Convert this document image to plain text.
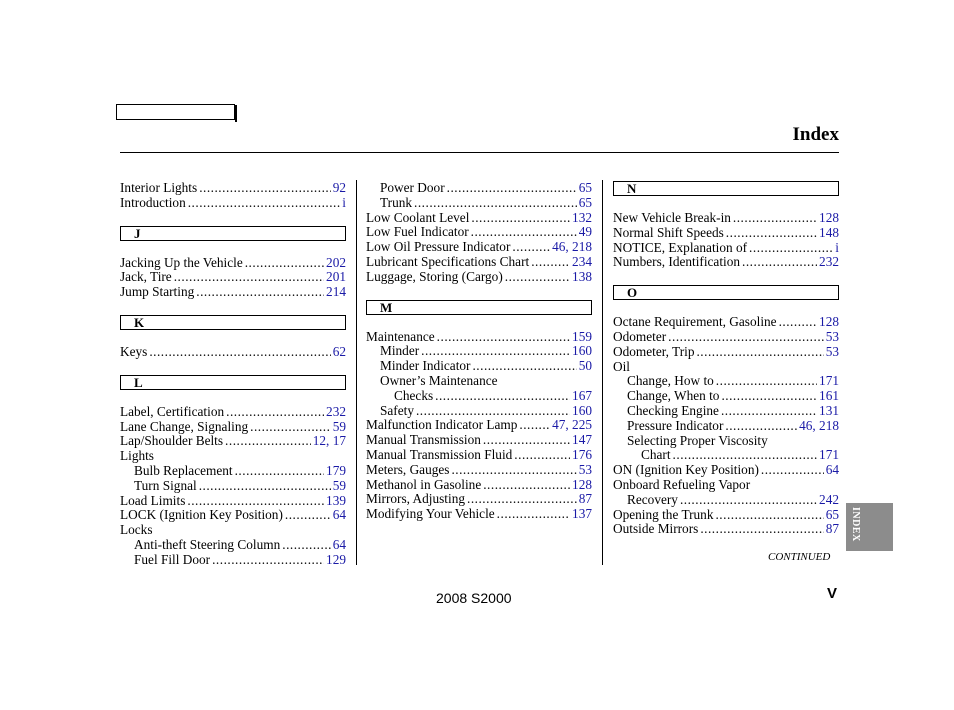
Index
Interior Lights .....	92
Introduction .....	i
J
Jacking Up the Vehicle .....	202
Jack, Tire .....	201
Jump Starting .....	214
K
Keys .....	62
L
Label, Certification .....	232
Lane Change, Signaling .....	59
Lap/Shoulder Belts .....	12, 17
Lights
Bulb Replacement .....	179
Turn Signal .....	59
Load Limits .....	139
LOCK (Ignition Key Position) .....	64
Locks
Anti-theft Steering Column .....	64
Fuel Fill Door .....	129
Power Door .....	65
Trunk .....	65
Low Coolant Level .....	132
Low Fuel Indicator .....	49
Low Oil Pressure Indicator .....	46, 218
Lubricant Specifications Chart .....	234
Luggage, Storing (Cargo) .....	138
M
Maintenance .....	159
Minder .....	160
Minder Indicator .....	50
Owner’s Maintenance
Checks .....	167
Safety .....	160
Malfunction Indicator Lamp .....	47, 225
Manual Transmission .....	147
Manual Transmission Fluid .....	176
Meters, Gauges .....	53
Methanol in Gasoline .....	128
Mirrors, Adjusting .....	87
Modifying Your Vehicle .....	137
N
New Vehicle Break-in .....	128
Normal Shift Speeds .....	148
NOTICE, Explanation of .....	i
Numbers, Identification .....	232
O
Octane Requirement, Gasoline .....	128
Odometer .....	53
Odometer, Trip .....	53
Oil
Change, How to .....	171
Change, When to .....	161
Checking Engine .....	131
Pressure Indicator .....	46, 218
Selecting Proper Viscosity
Chart .....	171
ON (Ignition Key Position) .....	64
Onboard Refueling Vapor
Recovery .....	242
Opening the Trunk .....	65
Outside Mirrors .....	87
CONTINUED
2008 S2000	V
INDEX
